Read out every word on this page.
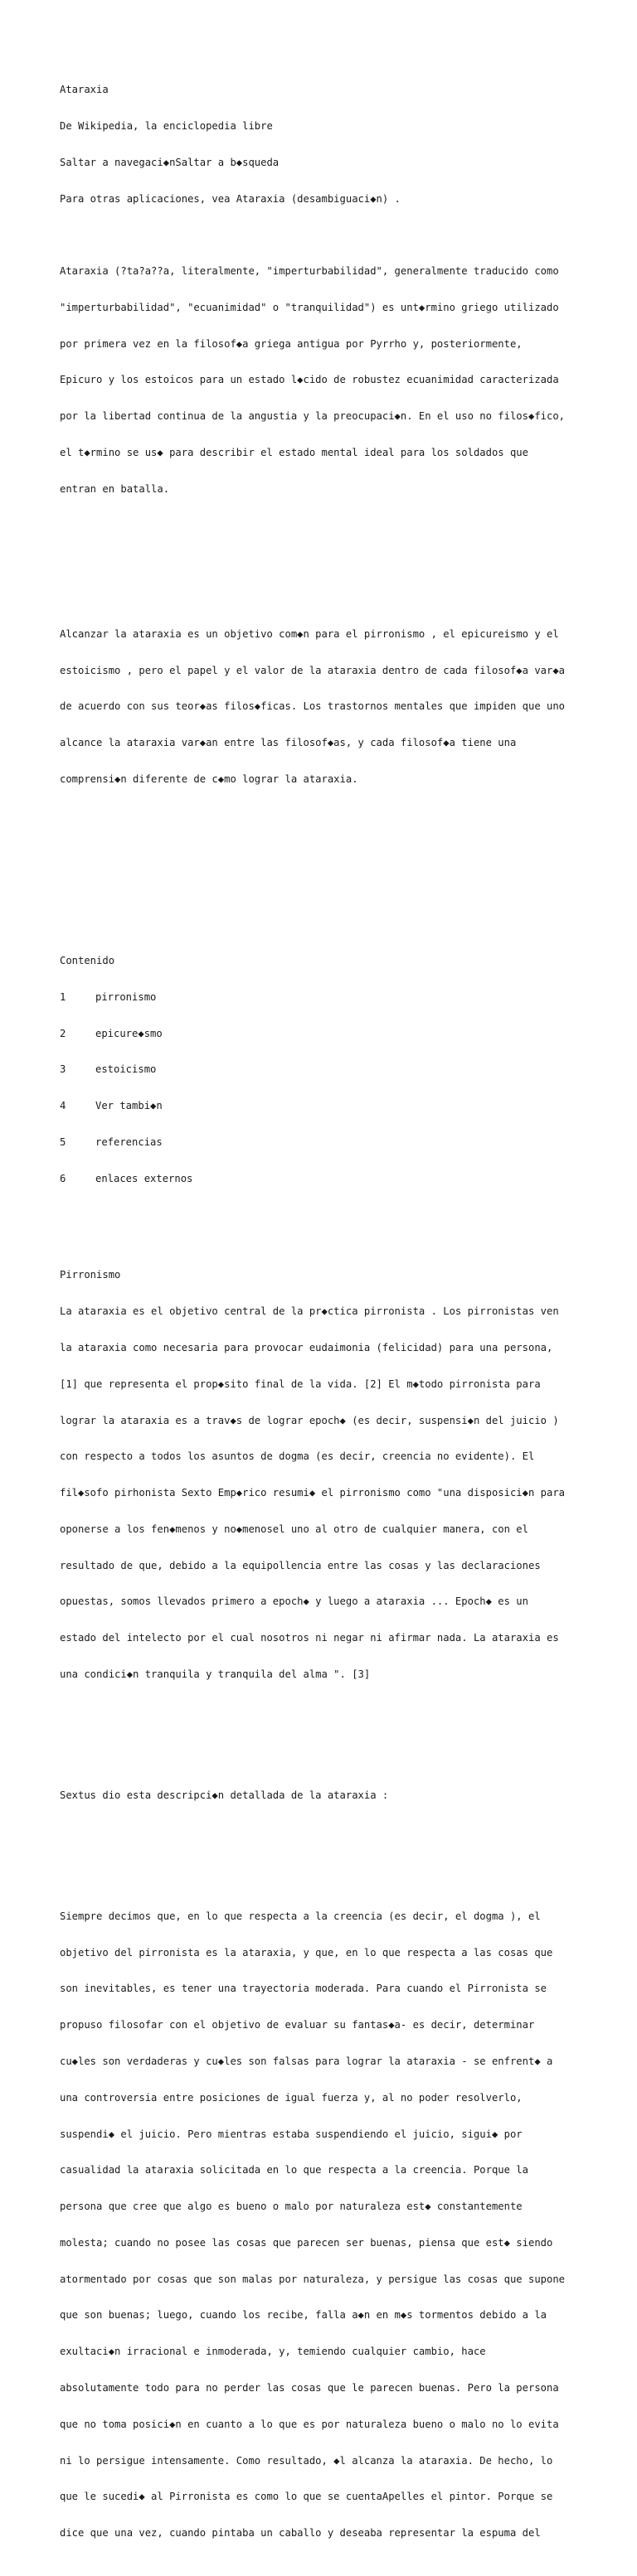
Ataraxia

De Wikipedia, la enciclopedia libre

Saltar a navegaci◆nSaltar a b◆squeda

Para otras aplicaciones, vea Ataraxia (desambiguaci◆n) .

Ataraxia (?ta?a??a, literalmente, "imperturbabilidad", generalmente traducido como

"imperturbabilidad", "ecuanimidad" o "tranquilidad") es unt◆rmino griego utilizado

por primera vez en la filosof◆a griega antigua por Pyrrho y, posteriormente,

Epicuro y los estoicos para un estado l◆cido de robustez ecuanimidad caracterizada

por la libertad continua de la angustia y la preocupaci◆n. En el uso no filos◆fico,

el t◆rmino se us◆ para describir el estado mental ideal para los soldados que

entran en batalla.

Alcanzar la ataraxia es un objetivo com◆n para el pirronismo , el epicureismo y el

estoicismo , pero el papel y el valor de la ataraxia dentro de cada filosof◆a var◆a

de acuerdo con sus teor◆as filos◆ficas. Los trastornos mentales que impiden que uno

alcance la ataraxia var◆an entre las filosof◆as, y cada filosof◆a tiene una

comprensi◆n diferente de c◆mo lograr la ataraxia.

Contenido

1	pirronismo

2	epicure◆smo

3	estoicismo

4	Ver tambi◆n

5	referencias

6	enlaces externos

Pirronismo

La ataraxia es el objetivo central de la pr◆ctica pirronista . Los pirronistas ven

la ataraxia como necesaria para provocar eudaimonia (felicidad) para una persona,

[1] que representa el prop◆sito final de la vida. [2] El m◆todo pirronista para

lograr la ataraxia es a trav◆s de lograr epoch◆ (es decir, suspensi◆n del juicio )

con respecto a todos los asuntos de dogma (es decir, creencia no evidente). El

fil◆sofo pirhonista Sexto Emp◆rico resumi◆ el pirronismo como "una disposici◆n para

oponerse a los fen◆menos y no◆menosel uno al otro de cualquier manera, con el

resultado de que, debido a la equipollencia entre las cosas y las declaraciones

opuestas, somos llevados primero a epoch◆ y luego a ataraxia ... Epoch◆ es un

estado del intelecto por el cual nosotros ni negar ni afirmar nada. La ataraxia es

una condici◆n tranquila y tranquila del alma ". [3]

Sextus dio esta descripci◆n detallada de la ataraxia :

Siempre decimos que, en lo que respecta a la creencia (es decir, el dogma ), el

objetivo del pirronista es la ataraxia, y que, en lo que respecta a las cosas que

son inevitables, es tener una trayectoria moderada. Para cuando el Pirronista se

propuso filosofar con el objetivo de evaluar su fantas◆a- es decir, determinar

cu◆les son verdaderas y cu◆les son falsas para lograr la ataraxia - se enfrent◆ a

una controversia entre posiciones de igual fuerza y, al no poder resolverlo,

suspendi◆ el juicio. Pero mientras estaba suspendiendo el juicio, sigui◆ por

casualidad la ataraxia solicitada en lo que respecta a la creencia. Porque la

persona que cree que algo es bueno o malo por naturaleza est◆ constantemente

molesta; cuando no posee las cosas que parecen ser buenas, piensa que est◆ siendo

atormentado por cosas que son malas por naturaleza, y persigue las cosas que supone

que son buenas; luego, cuando los recibe, falla a◆n en m◆s tormentos debido a la

exultaci◆n irracional e inmoderada, y, temiendo cualquier cambio, hace

absolutamente todo para no perder las cosas que le parecen buenas. Pero la persona

que no toma posici◆n en cuanto a lo que es por naturaleza bueno o malo no lo evita

ni lo persigue intensamente. Como resultado, ◆l alcanza la ataraxia. De hecho, lo

que le sucedi◆ al Pirronista es como lo que se cuentaApelles el pintor. Porque se

dice que una vez, cuando pintaba un caballo y deseaba representar la espuma del
